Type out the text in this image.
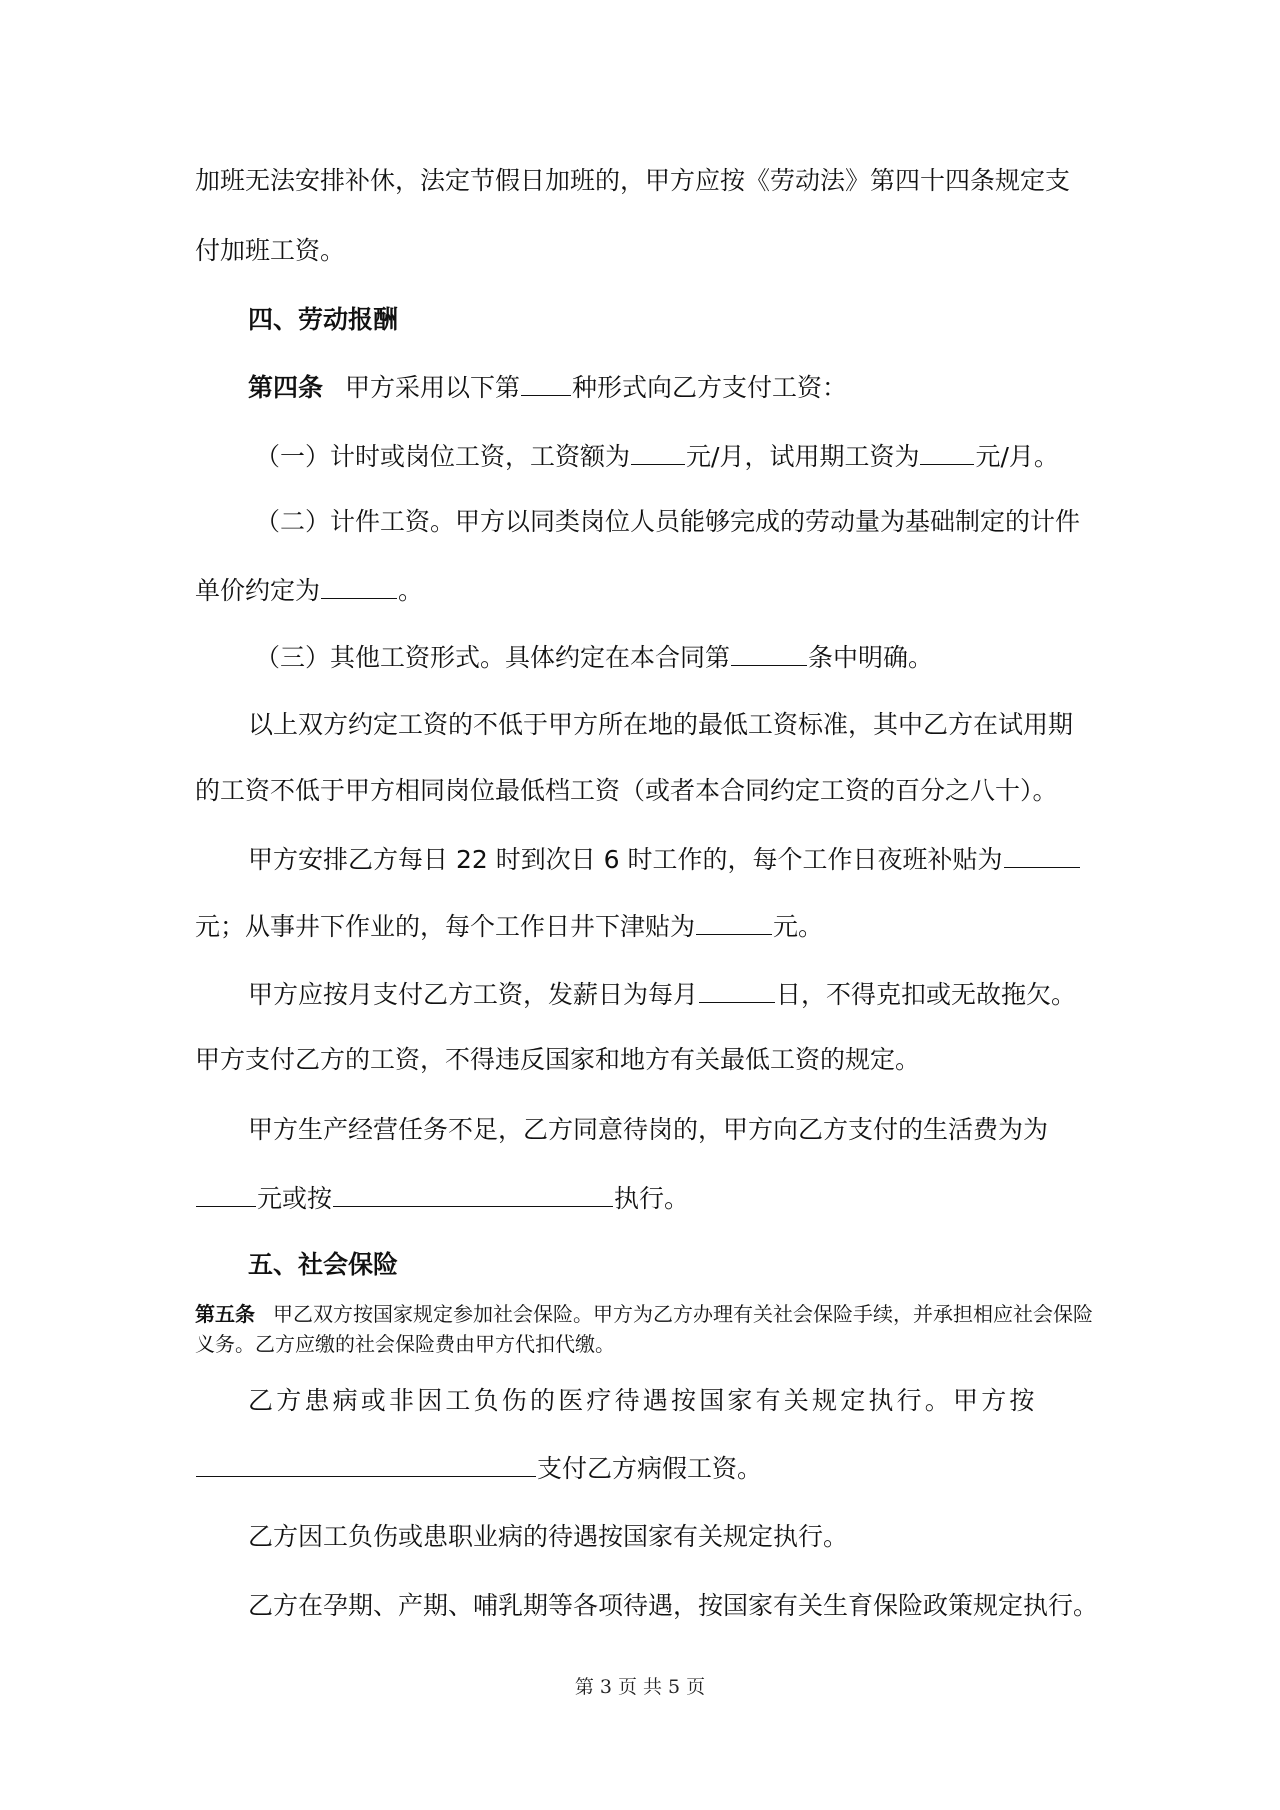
加班无法安排补休，法定节假日加班的，甲方应按《劳动法》第四十四条规定支
付加班工资。
四、劳动报酬
第四条 甲方采用以下第 种形式向乙方支付工资：
（一）计时或岗位工资，工资额为 元/月，试用期工资为 元/月。
（二）计件工资。甲方以同类岗位人员能够完成的劳动量为基础制定的计件
单价约定为	。
（三）其他工资形式。具体约定在本合同第	条中明确。
以上双方约定工资的不低于甲方所在地的最低工资标准，其中乙方在试用期
的工资不低于甲方相同岗位最低档工资（或者本合同约定工资的百分之八十）。
甲方安排乙方每日 22 时到次日 6 时工作的，每个工作日夜班补贴为
元；从事井下作业的，每个工作日井下津贴为	元。
甲方应按月支付乙方工资，发薪日为每月	日，不得克扣或无故拖欠。
甲方支付乙方的工资，不得违反国家和地方有关最低工资的规定。
甲方生产经营任务不足，乙方同意待岗的，甲方向乙方支付的生活费为为
元或按	执行。
五、社会保险
第五条 甲乙双方按国家规定参加社会保险。甲方为乙方办理有关社会保险手续，并承担相应社会保险义务。乙方应缴的社会保险费由甲方代扣代缴。
乙方患病或非因工负伤的医疗待遇按国家有关规定执行。甲方按
支付乙方病假工资。
乙方因工负伤或患职业病的待遇按国家有关规定执行。
乙方在孕期、产期、哺乳期等各项待遇，按国家有关生育保险政策规定执行。
第 3 页 共 5 页
